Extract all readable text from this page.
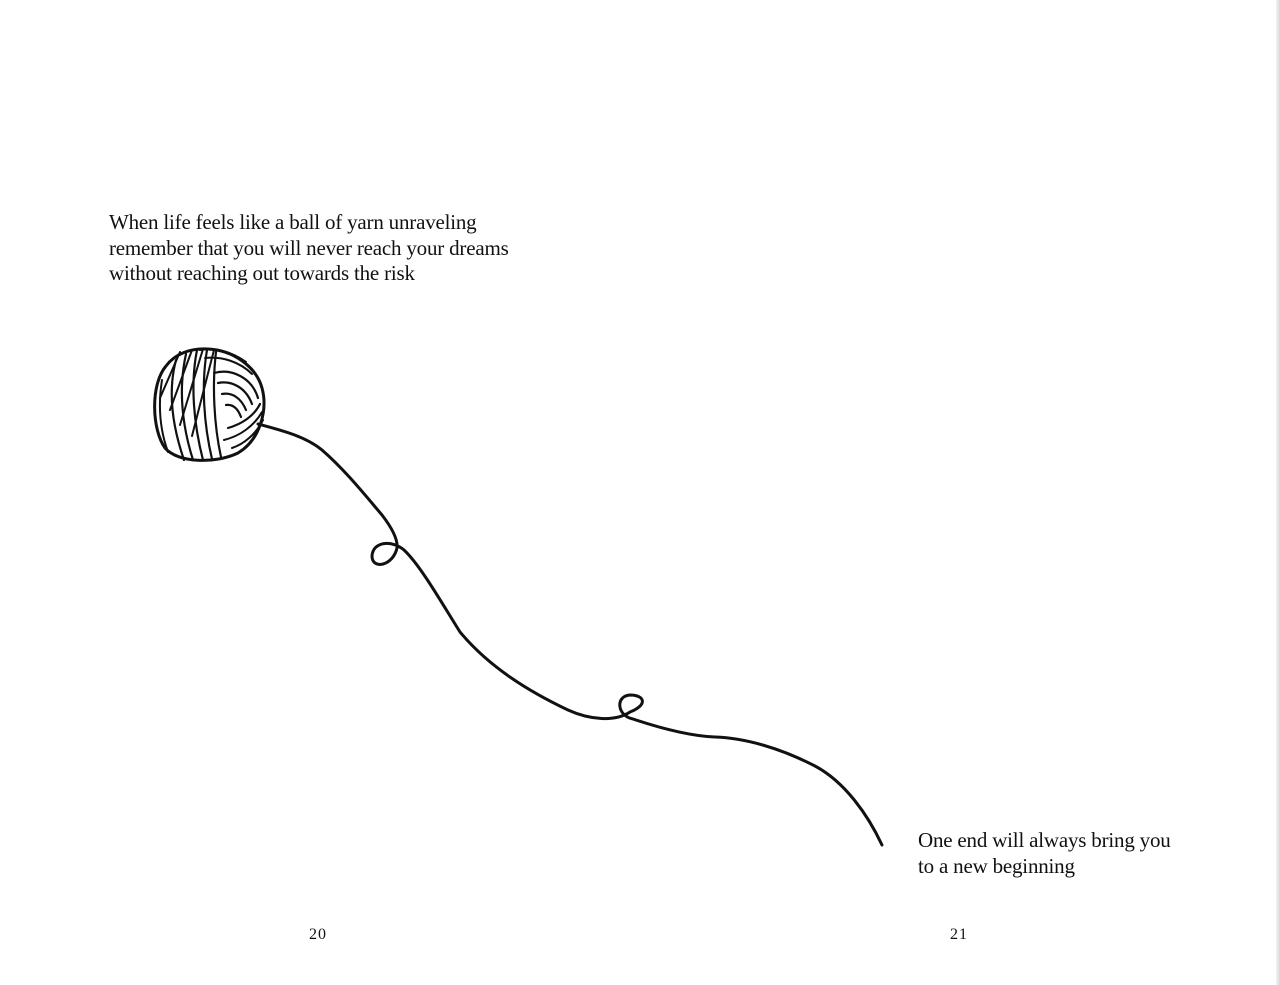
When life feels like a ball of yarn unraveling
remember that you will never reach your dreams
without reaching out towards the risk
One end will always bring you
to a new beginning
20	21
